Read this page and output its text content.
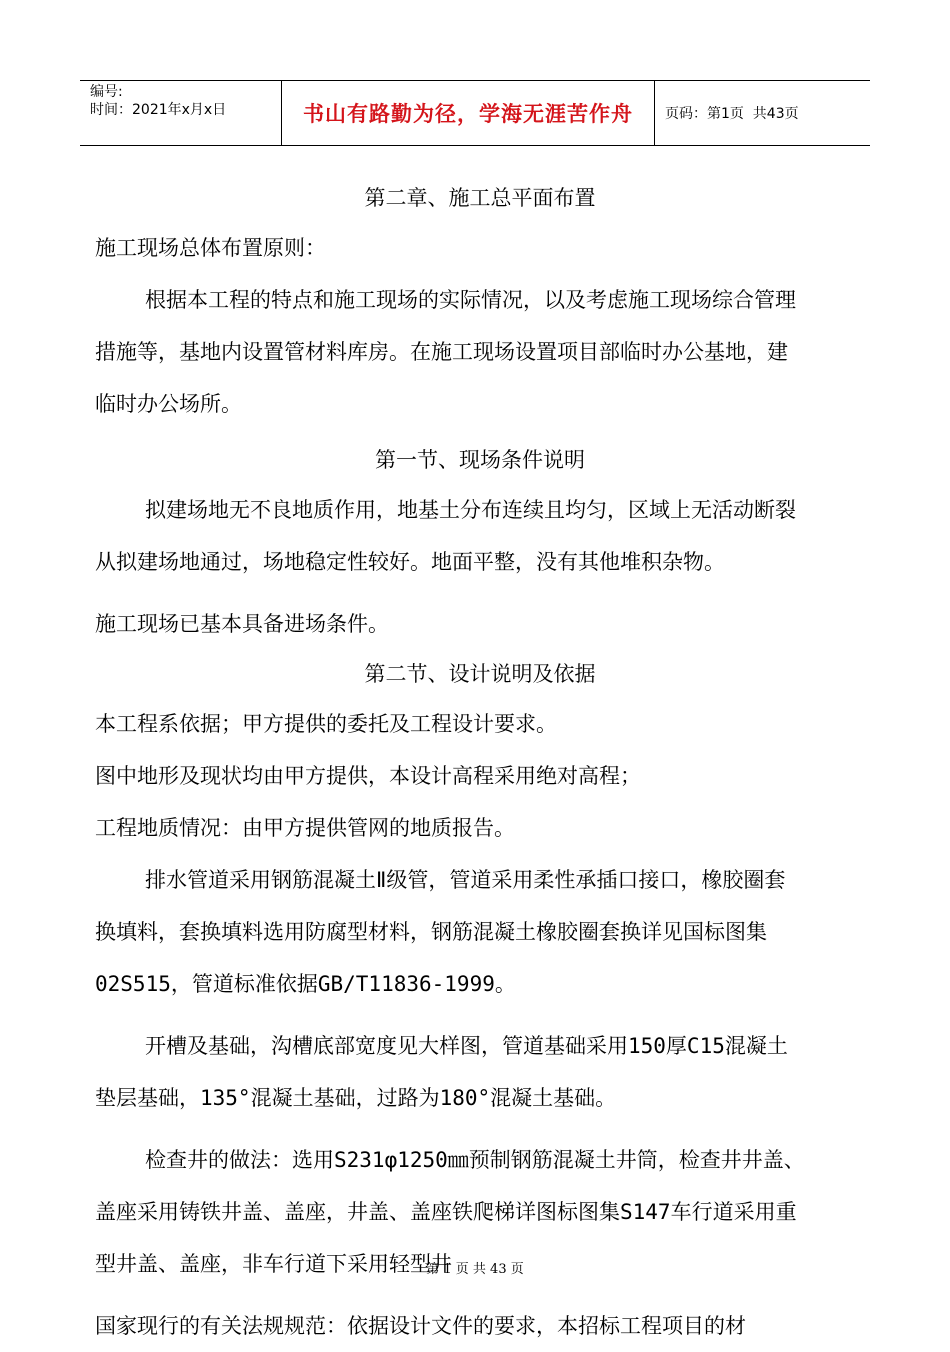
编号:
时间：2021年x月x日	书山有路勤为径，学海无涯苦作舟	页码：第1页  共43页

第二章、施工总平面布置

施工现场总体布置原则：

根据本工程的特点和施工现场的实际情况，以及考虑施工现场综合管理
措施等，基地内设置管材料库房。在施工现场设置项目部临时办公基地，建
临时办公场所。

第一节、现场条件说明

拟建场地无不良地质作用，地基土分布连续且均匀，区域上无活动断裂
从拟建场地通过，场地稳定性较好。地面平整，没有其他堆积杂物。

施工现场已基本具备进场条件。

第二节、设计说明及依据

本工程系依据；甲方提供的委托及工程设计要求。

图中地形及现状均由甲方提供，本设计高程采用绝对高程；

工程地质情况：由甲方提供管网的地质报告。

排水管道采用钢筋混凝土Ⅱ级管，管道采用柔性承插口接口，橡胶圈套
换填料，套换填料选用防腐型材料，钢筋混凝土橡胶圈套换详见国标图集
02S515，管道标准依据GB/T11836-1999。

开槽及基础，沟槽底部宽度见大样图，管道基础采用150厚C15混凝土
垫层基础，135°混凝土基础，过路为180°混凝土基础。

检查井的做法：选用S231φ1250㎜预制钢筋混凝土井筒，检查井井盖、
盖座采用铸铁井盖、盖座，井盖、盖座铁爬梯详图标图集S147车行道采用重
型井盖、盖座，非车行道下采用轻型井

国家现行的有关法规规范：依据设计文件的要求，本招标工程项目的材

第 1 页 共 43 页
